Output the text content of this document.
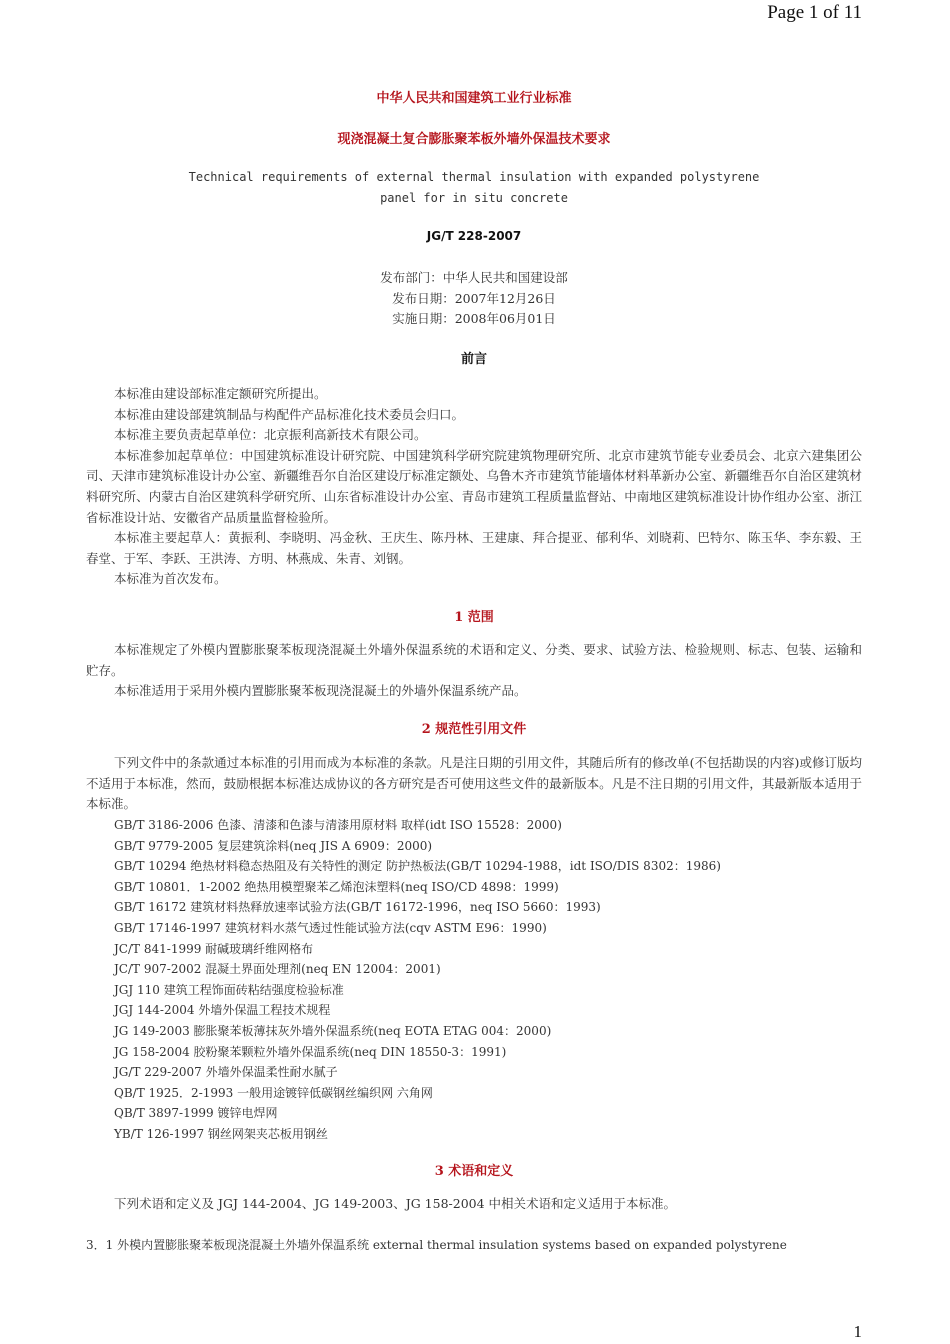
Page 1 of 11
中华人民共和国建筑工业行业标准
现浇混凝土复合膨胀聚苯板外墙外保温技术要求
Technical requirements of external thermal insulation with expanded polystyrene
panel for in situ concrete
JG/T 228-2007
发布部门：中华人民共和国建设部
发布日期：2007年12月26日
实施日期：2008年06月01日
前言

本标准由建设部标准定额研究所提出。

本标准由建设部建筑制品与构配件产品标准化技术委员会归口。

本标准主要负责起草单位：北京振利高新技术有限公司。

本标准参加起草单位：中国建筑标准设计研究院、中国建筑科学研究院建筑物理研究所、北京市建筑节能专业委员会、北京六建集团公司、天津市建筑标准设计办公室、新疆维吾尔自治区建设厅标准定额处、乌鲁木齐市建筑节能墙体材料革新办公室、新疆维吾尔自治区建筑材料研究所、内蒙古自治区建筑科学研究所、山东省标准设计办公室、青岛市建筑工程质量监督站、中南地区建筑标准设计协作组办公室、浙江省标准设计站、安徽省产品质量监督检验所。

本标准主要起草人：黄振利、李晓明、冯金秋、王庆生、陈丹林、王建康、拜合提亚、郁利华、刘晓莉、巴特尔、陈玉华、李东毅、王春堂、于军、李跃、王洪涛、方明、林燕成、朱青、刘钢。

本标准为首次发布。

1 范围

本标准规定了外模内置膨胀聚苯板现浇混凝土外墙外保温系统的术语和定义、分类、要求、试验方法、检验规则、标志、包装、运输和贮存。

本标准适用于采用外模内置膨胀聚苯板现浇混凝土的外墙外保温系统产品。

2 规范性引用文件

下列文件中的条款通过本标准的引用而成为本标准的条款。凡是注日期的引用文件，其随后所有的修改单(不包括勘误的内容)或修订版均不适用于本标准，然而，鼓励根据本标准达成协议的各方研究是否可使用这些文件的最新版本。凡是不注日期的引用文件，其最新版本适用于本标准。

GB/T 3186-2006 色漆、清漆和色漆与清漆用原材料 取样(idt ISO 15528：2000)
GB/T 9779-2005 复层建筑涂料(neq JIS A 6909：2000)
GB/T 10294 绝热材料稳态热阻及有关特性的测定 防护热板法(GB/T 10294-1988，idt ISO/DIS 8302：1986)
GB/T 10801．1-2002 绝热用模塑聚苯乙烯泡沫塑料(neq ISO/CD 4898：1999)
GB/T 16172 建筑材料热释放速率试验方法(GB/T 16172-1996，neq ISO 5660：1993)
GB/T 17146-1997 建筑材料水蒸气透过性能试验方法(cqv ASTM E96：1990)
JC/T 841-1999 耐碱玻璃纤维网格布
JC/T 907-2002 混凝土界面处理剂(neq EN 12004：2001)
JGJ 110 建筑工程饰面砖粘结强度检验标准
JGJ 144-2004 外墙外保温工程技术规程
JG 149-2003 膨胀聚苯板薄抹灰外墙外保温系统(neq EOTA ETAG 004：2000)
JG 158-2004 胶粉聚苯颗粒外墙外保温系统(neq DIN 18550-3：1991)
JG/T 229-2007 外墙外保温柔性耐水腻子
QB/T 1925．2-1993 一般用途镀锌低碳钢丝编织网 六角网
QB/T 3897-1999 镀锌电焊网
YB/T 126-1997 钢丝网架夹芯板用钢丝
3 术语和定义

下列术语和定义及 JGJ 144-2004、JG 149-2003、JG 158-2004 中相关术语和定义适用于本标准。

3．1 外模内置膨胀聚苯板现浇混凝土外墙外保温系统 external thermal insulation systems based on expanded polystyrene
1
